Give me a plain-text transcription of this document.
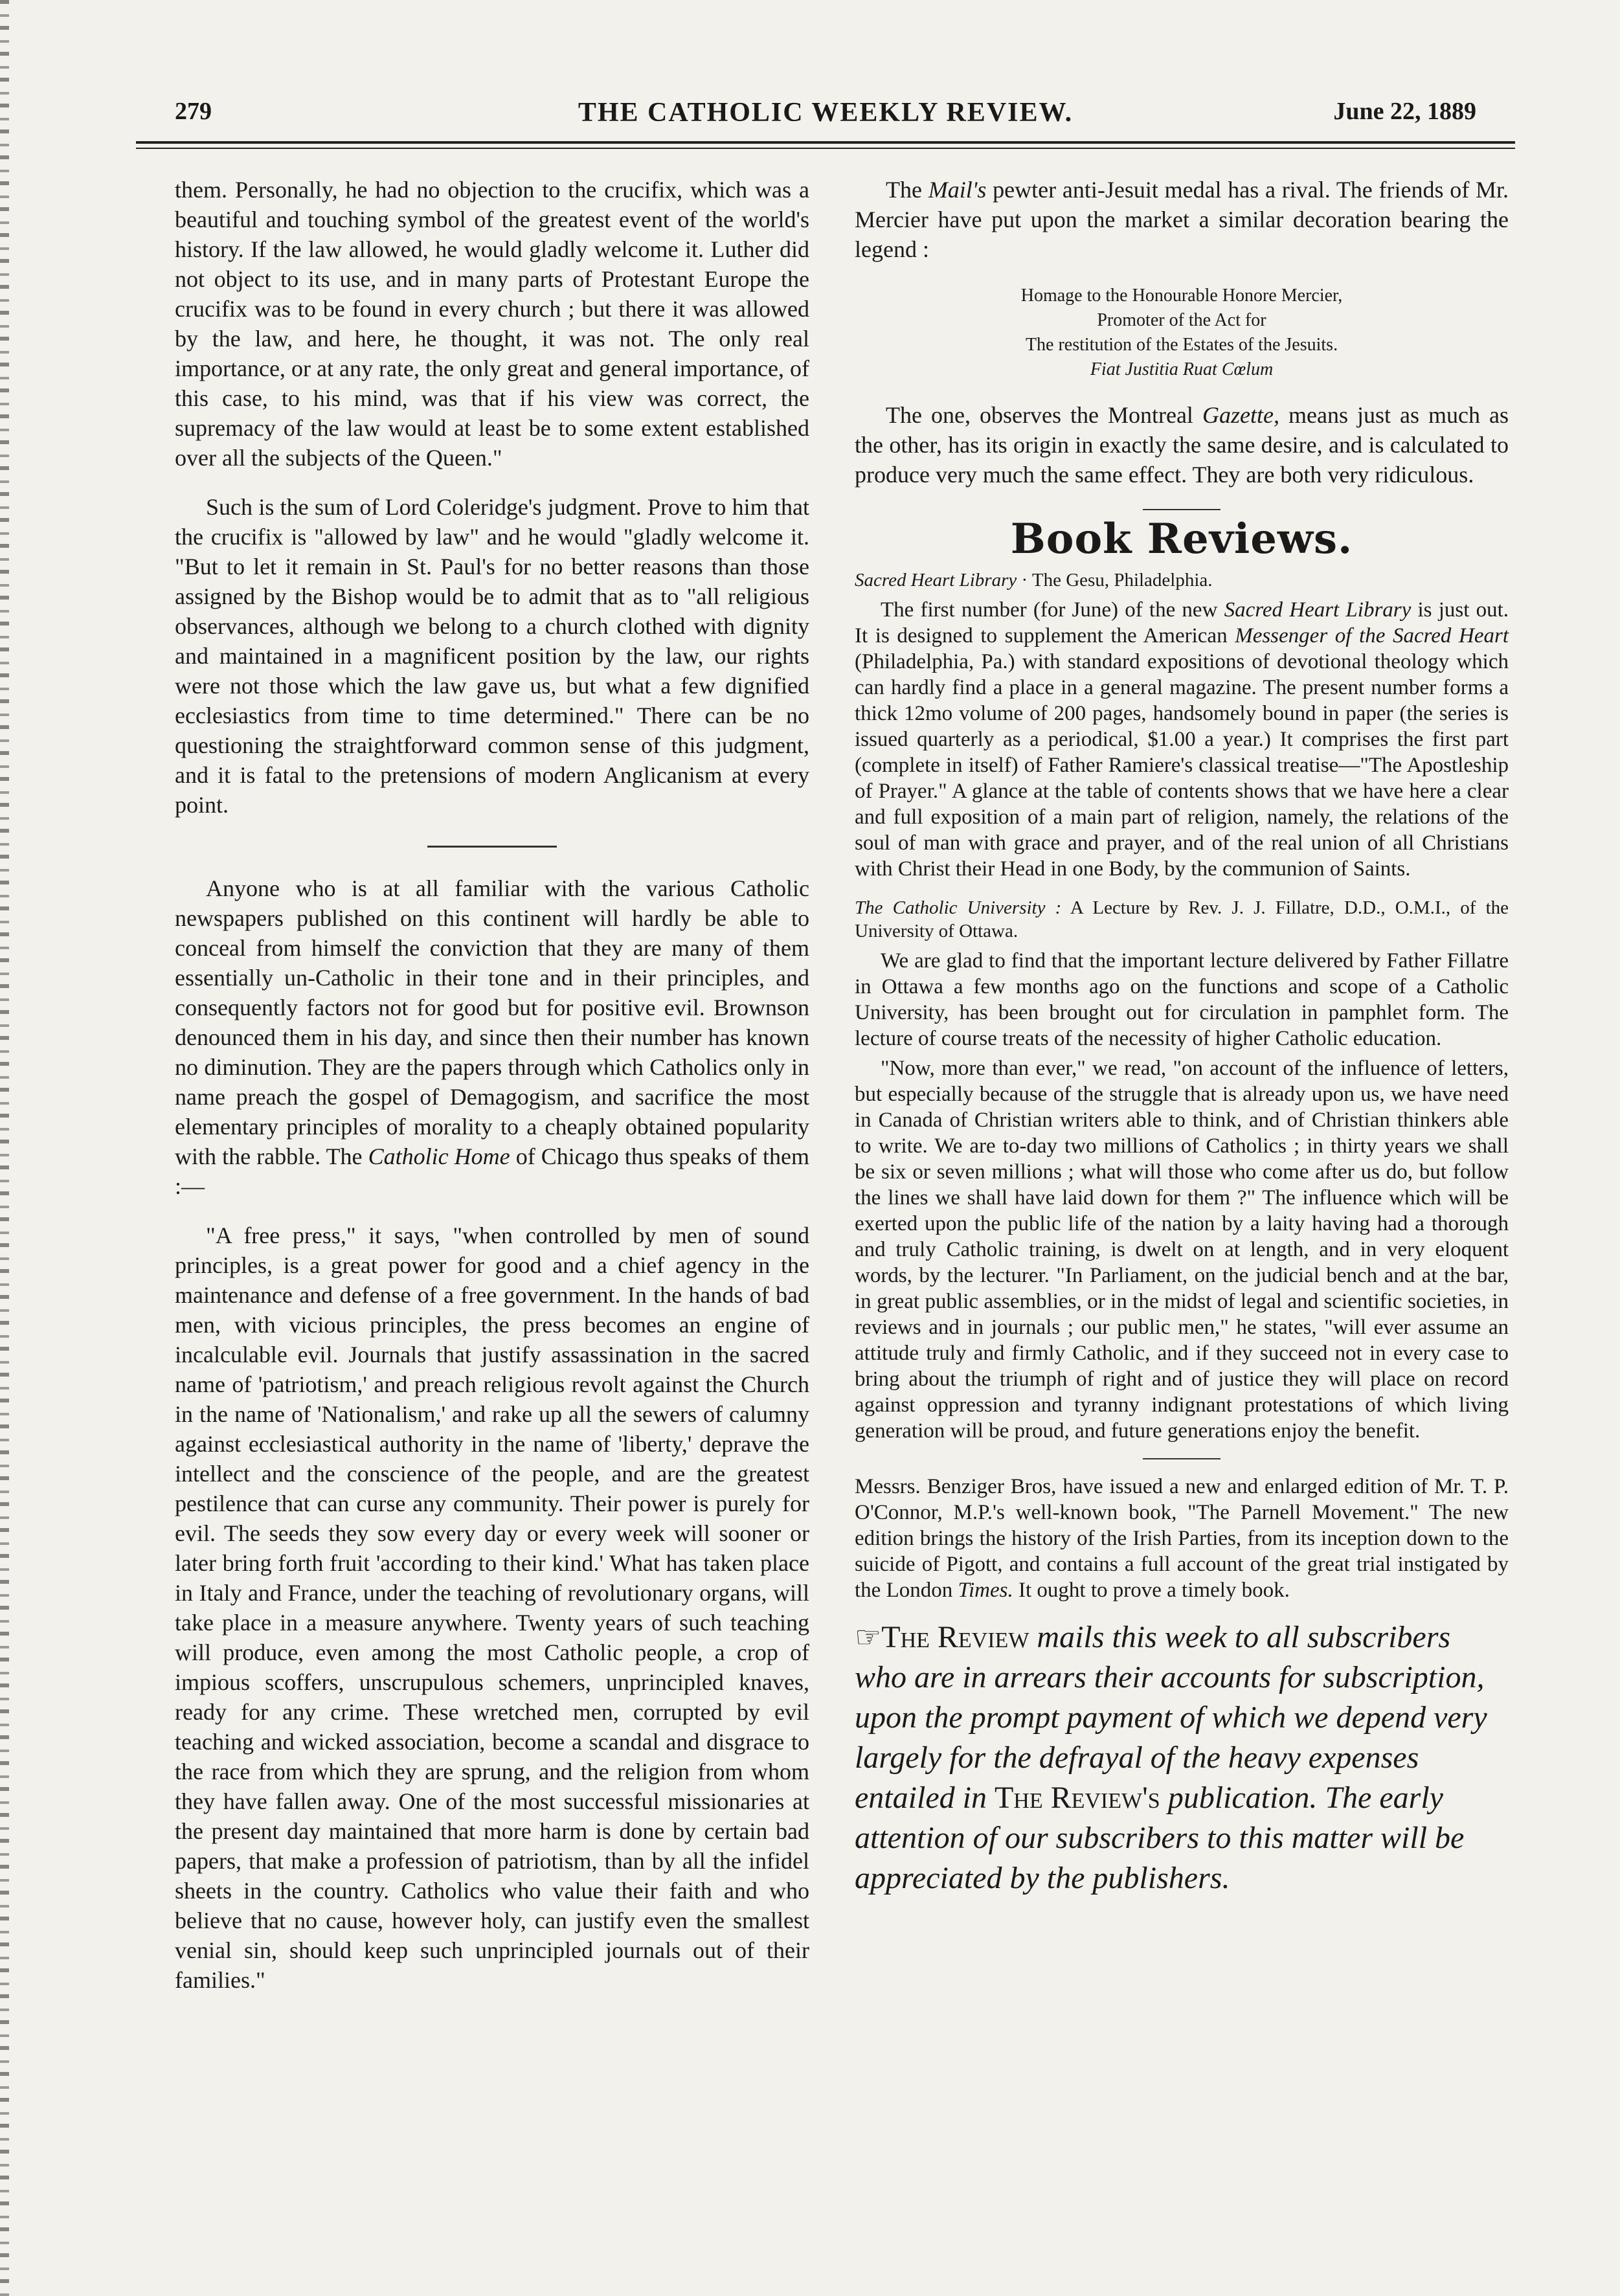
THE CATHOLIC WEEKLY REVIEW.
279	June 22, 1889

them. Personally, he had no objection to the crucifix, which was a beautiful and touching symbol of the greatest event of the world's history. If the law allowed, he would gladly welcome it. Luther did not object to its use, and in many parts of Protestant Europe the crucifix was to be found in every church ; but there it was allowed by the law, and here, he thought, it was not. The only real importance, or at any rate, the only great and general importance, of this case, to his mind, was that if his view was correct, the supremacy of the law would at least be to some extent established over all the subjects of the Queen."

Such is the sum of Lord Coleridge's judgment. Prove to him that the crucifix is "allowed by law" and he would "gladly welcome it. "But to let it remain in St. Paul's for no better reasons than those assigned by the Bishop would be to admit that as to "all religious observances, although we belong to a church clothed with dignity and maintained in a magnificent position by the law, our rights were not those which the law gave us, but what a few dignified ecclesiastics from time to time determined." There can be no questioning the straightforward common sense of this judgment, and it is fatal to the pretensions of modern Anglicanism at every point.

Anyone who is at all familiar with the various Catholic newspapers published on this continent will hardly be able to conceal from himself the conviction that they are many of them essentially un-Catholic in their tone and in their principles, and consequently factors not for good but for positive evil. Brownson denounced them in his day, and since then their number has known no diminution. They are the papers through which Catholics only in name preach the gospel of Demagogism, and sacrifice the most elementary principles of morality to a cheaply obtained popularity with the rabble. The Catholic Home of Chicago thus speaks of them :—

"A free press," it says, "when controlled by men of sound principles, is a great power for good and a chief agency in the maintenance and defense of a free government. In the hands of bad men, with vicious principles, the press becomes an engine of incalculable evil. Journals that justify assassination in the sacred name of 'patriotism,' and preach religious revolt against the Church in the name of 'Nationalism,' and rake up all the sewers of calumny against ecclesiastical authority in the name of 'liberty,' deprave the intellect and the conscience of the people, and are the greatest pestilence that can curse any community. Their power is purely for evil. The seeds they sow every day or every week will sooner or later bring forth fruit 'according to their kind.' What has taken place in Italy and France, under the teaching of revolutionary organs, will take place in a measure anywhere. Twenty years of such teaching will produce, even among the most Catholic people, a crop of impious scoffers, unscrupulous schemers, unprincipled knaves, ready for any crime. These wretched men, corrupted by evil teaching and wicked association, become a scandal and disgrace to the race from which they are sprung, and the religion from whom they have fallen away. One of the most successful missionaries at the present day maintained that more harm is done by certain bad papers, that make a profession of patriotism, than by all the infidel sheets in the country. Catholics who value their faith and who believe that no cause, however holy, can justify even the smallest venial sin, should keep such unprincipled journals out of their families."

The Mail's pewter anti-Jesuit medal has a rival. The friends of Mr. Mercier have put upon the market a similar decoration bearing the legend :

Homage to the Honourable Honore Mercier,
Promoter of the Act for
The restitution of the Estates of the Jesuits.
Fiat Justitia Ruat Cœlum

The one, observes the Montreal Gazette, means just as much as the other, has its origin in exactly the same desire, and is calculated to produce very much the same effect. They are both very ridiculous.

Book Reviews.

Sacred Heart Library · The Gesu, Philadelphia.

The first number (for June) of the new Sacred Heart Library is just out. It is designed to supplement the American Messenger of the Sacred Heart (Philadelphia, Pa.) with standard expositions of devotional theology which can hardly find a place in a general magazine. The present number forms a thick 12mo volume of 200 pages, handsomely bound in paper (the series is issued quarterly as a periodical, $1.00 a year.) It comprises the first part (complete in itself) of Father Ramiere's classical treatise—"The Apostleship of Prayer." A glance at the table of contents shows that we have here a clear and full exposition of a main part of religion, namely, the relations of the soul of man with grace and prayer, and of the real union of all Christians with Christ their Head in one Body, by the communion of Saints.

The Catholic University : A Lecture by Rev. J. J. Fillatre, D.D., O.M.I., of the University of Ottawa.

We are glad to find that the important lecture delivered by Father Fillatre in Ottawa a few months ago on the functions and scope of a Catholic University, has been brought out for circulation in pamphlet form. The lecture of course treats of the necessity of higher Catholic education.

"Now, more than ever," we read, "on account of the influence of letters, but especially because of the struggle that is already upon us, we have need in Canada of Christian writers able to think, and of Christian thinkers able to write. We are to-day two millions of Catholics ; in thirty years we shall be six or seven millions ; what will those who come after us do, but follow the lines we shall have laid down for them ?" The influence which will be exerted upon the public life of the nation by a laity having had a thorough and truly Catholic training, is dwelt on at length, and in very eloquent words, by the lecturer. "In Parliament, on the judicial bench and at the bar, in great public assemblies, or in the midst of legal and scientific societies, in reviews and in journals ; our public men," he states, "will ever assume an attitude truly and firmly Catholic, and if they succeed not in every case to bring about the triumph of right and of justice they will place on record against oppression and tyranny indignant protestations of which living generation will be proud, and future generations enjoy the benefit.

Messrs. Benziger Bros, have issued a new and enlarged edition of Mr. T. P. O'Connor, M.P.'s well-known book, "The Parnell Movement." The new edition brings the history of the Irish Parties, from its inception down to the suicide of Pigott, and contains a full account of the great trial instigated by the London Times. It ought to prove a timely book.

☞The Review mails this week to all subscribers who are in arrears their accounts for subscription, upon the prompt payment of which we depend very largely for the defrayal of the heavy expenses entailed in The Review's publication. The early attention of our subscribers to this matter will be appreciated by the publishers.
